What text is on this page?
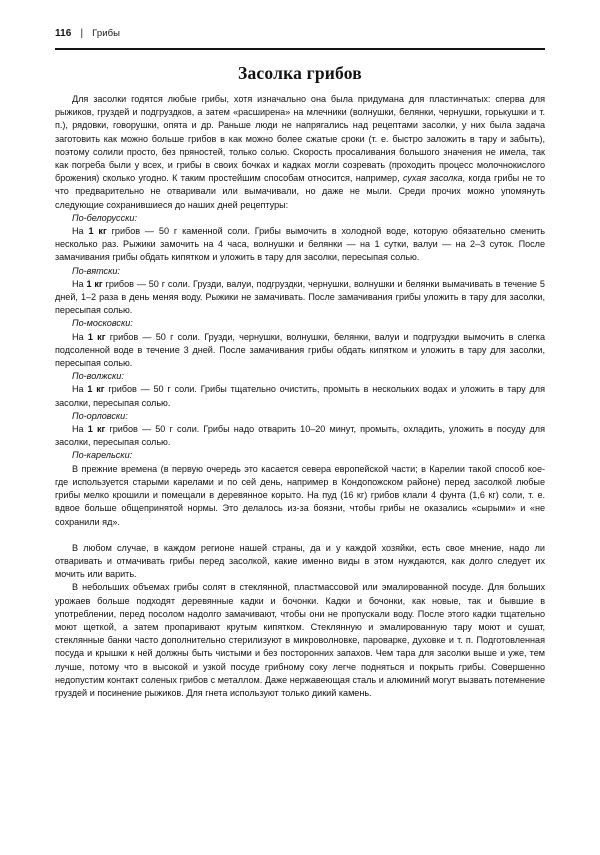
116 | Грибы
Засолка грибов

Для засолки годятся любые грибы, хотя изначально она была придумана для пластинчатых: сперва для рыжиков, груздей и подгруздков, а затем «расширена» на млечники (волнушки, белянки, чернушки, горькушки и т. п.), рядовки, говорушки, опята и др. Раньше люди не напрягались над рецептами засолки, у них была задача заготовить как можно больше грибов в как можно более сжатые сроки (т. е. быстро заложить в тару и забыть), поэтому солили просто, без пряностей, только солью. Скорость просаливания большого значения не имела, так как погреба были у всех, и грибы в своих бочках и кадках могли созревать (проходить процесс молочнокислого брожения) сколько угодно. К таким простейшим способам относится, например, сухая засолка, когда грибы не то что предварительно не отваривали или вымачивали, но даже не мыли. Среди прочих можно упомянуть следующие сохранившиеся до наших дней рецептуры:

По-белорусски:

На 1 кг грибов — 50 г каменной соли. Грибы вымочить в холодной воде, которую обязательно сменить несколько раз. Рыжики замочить на 4 часа, волнушки и белянки — на 1 сутки, валуи — на 2–3 суток. После замачивания грибы обдать кипятком и уложить в тару для засолки, пересыпая солью.

По-вятски:

На 1 кг грибов — 50 г соли. Грузди, валуи, подгруздки, чернушки, волнушки и белянки вымачивать в течение 5 дней, 1–2 раза в день меняя воду. Рыжики не замачивать. После замачивания грибы уложить в тару для засолки, пересыпая солью.

По-московски:

На 1 кг грибов — 50 г соли. Грузди, чернушки, волнушки, белянки, валуи и подгруздки вымочить в слегка подсоленной воде в течение 3 дней. После замачивания грибы обдать кипятком и уложить в тару для засолки, пересыпая солью.

По-волжски:

На 1 кг грибов — 50 г соли. Грибы тщательно очистить, промыть в нескольких водах и уложить в тару для засолки, пересыпая солью.

По-орловски:

На 1 кг грибов — 50 г соли. Грибы надо отварить 10–20 минут, промыть, охладить, уложить в посуду для засолки, пересыпая солью.

По-карельски:

В прежние времена (в первую очередь это касается севера европейской части; в Карелии такой способ кое-где используется старыми карелами и по сей день, например в Кондопожском районе) перед засолкой любые грибы мелко крошили и помещали в деревянное корыто. На пуд (16 кг) грибов клали 4 фунта (1,6 кг) соли, т. е. вдвое больше общепринятой нормы. Это делалось из-за боязни, чтобы грибы не оказались «сырыми» и «не сохранили яд».

В любом случае, в каждом регионе нашей страны, да и у каждой хозяйки, есть свое мнение, надо ли отваривать и отмачивать грибы перед засолкой, какие именно виды в этом нуждаются, как долго следует их мочить или варить.

В небольших объемах грибы солят в стеклянной, пластмассовой или эмалированной посуде. Для больших урожаев больше подходят деревянные кадки и бочонки. Кадки и бочонки, как новые, так и бывшие в употреблении, перед посолом надолго замачивают, чтобы они не пропускали воду. После этого кадки тщательно моют щеткой, а затем пропаривают крутым кипятком. Стеклянную и эмалированную тару моют и сушат, стеклянные банки часто дополнительно стерилизуют в микроволновке, пароварке, духовке и т. п. Подготовленная посуда и крышки к ней должны быть чистыми и без посторонних запахов. Чем тара для засолки выше и уже, тем лучше, потому что в высокой и узкой посуде грибному соку легче подняться и покрыть грибы. Совершенно недопустим контакт соленых грибов с металлом. Даже нержавеющая сталь и алюминий могут вызвать потемнение груздей и посинение рыжиков. Для гнета используют только дикий камень.
